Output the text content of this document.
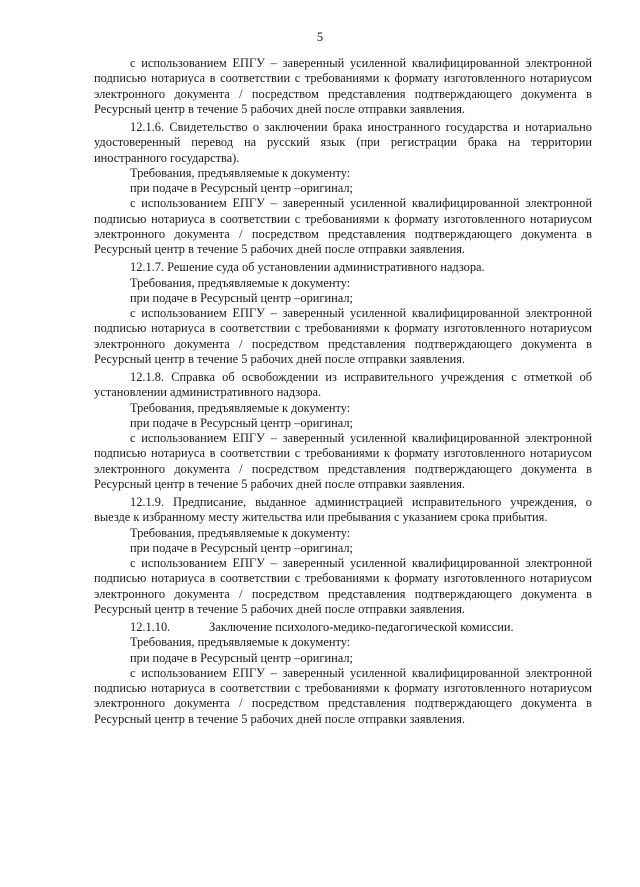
5

с использованием ЕПГУ – заверенный усиленной квалифицированной электронной подписью нотариуса в соответствии с требованиями к формату изготовленного нотариусом электронного документа / посредством представления подтверждающего документа в Ресурсный центр в течение 5 рабочих дней после отправки заявления.

12.1.6. Свидетельство о заключении брака иностранного государства и нотариально удостоверенный перевод на русский язык (при регистрации брака на территории иностранного государства).

Требования, предъявляемые к документу:

при подаче в Ресурсный центр –оригинал;

с использованием ЕПГУ – заверенный усиленной квалифицированной электронной подписью нотариуса в соответствии с требованиями к формату изготовленного нотариусом электронного документа / посредством представления подтверждающего документа в Ресурсный центр в течение 5 рабочих дней после отправки заявления.

12.1.7. Решение суда об установлении административного надзора.

Требования, предъявляемые к документу:

при подаче в Ресурсный центр –оригинал;

с использованием ЕПГУ – заверенный усиленной квалифицированной электронной подписью нотариуса в соответствии с требованиями к формату изготовленного нотариусом электронного документа / посредством представления подтверждающего документа в Ресурсный центр в течение 5 рабочих дней после отправки заявления.

12.1.8. Справка об освобождении из исправительного учреждения с отметкой об установлении административного надзора.

Требования, предъявляемые к документу:

при подаче в Ресурсный центр –оригинал;

с использованием ЕПГУ – заверенный усиленной квалифицированной электронной подписью нотариуса в соответствии с требованиями к формату изготовленного нотариусом электронного документа / посредством представления подтверждающего документа в Ресурсный центр в течение 5 рабочих дней после отправки заявления.

12.1.9. Предписание, выданное администрацией исправительного учреждения, о выезде к избранному месту жительства или пребывания с указанием срока прибытия.

Требования, предъявляемые к документу:

при подаче в Ресурсный центр –оригинал;

с использованием ЕПГУ – заверенный усиленной квалифицированной электронной подписью нотариуса в соответствии с требованиями к формату изготовленного нотариусом электронного документа / посредством представления подтверждающего документа в Ресурсный центр в течение 5 рабочих дней после отправки заявления.

12.1.10.	Заключение психолого-медико-педагогической комиссии.

Требования, предъявляемые к документу:

при подаче в Ресурсный центр –оригинал;

с использованием ЕПГУ – заверенный усиленной квалифицированной электронной подписью нотариуса в соответствии с требованиями к формату изготовленного нотариусом электронного документа / посредством представления подтверждающего документа в Ресурсный центр в течение 5 рабочих дней после отправки заявления.
